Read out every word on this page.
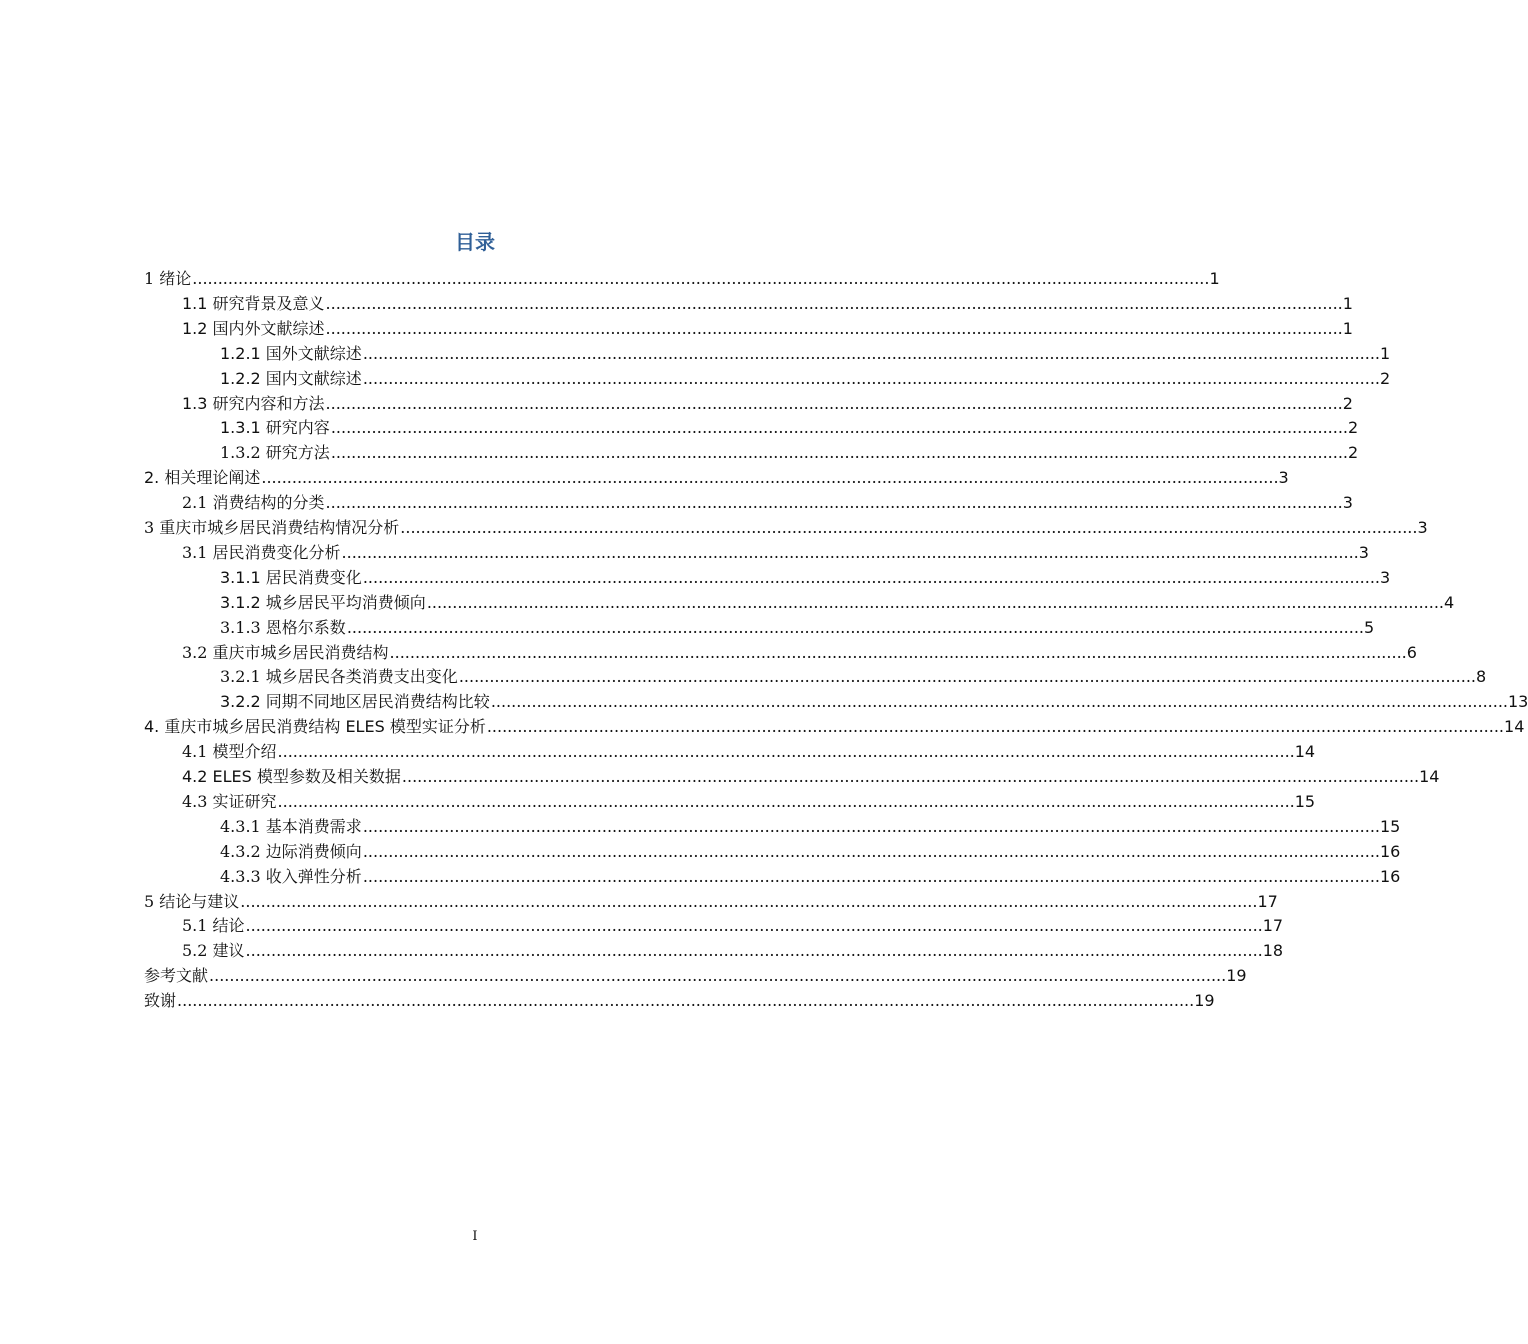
目录
1 绪论 ........................................................................................................................................................................................................ 1
1.1 研究背景及意义 ........................................................................................................................................................................................................ 1
1.2 国内外文献综述 ........................................................................................................................................................................................................ 1
1.2.1 国外文献综述 ........................................................................................................................................................................................................ 1
1.2.2 国内文献综述 ........................................................................................................................................................................................................ 2
1.3 研究内容和方法 ........................................................................................................................................................................................................ 2
1.3.1 研究内容 ........................................................................................................................................................................................................ 2
1.3.2 研究方法 ........................................................................................................................................................................................................ 2
2. 相关理论阐述 ........................................................................................................................................................................................................ 3
2.1 消费结构的分类 ........................................................................................................................................................................................................ 3
3 重庆市城乡居民消费结构情况分析 ........................................................................................................................................................................................................ 3
3.1 居民消费变化分析 ........................................................................................................................................................................................................ 3
3.1.1 居民消费变化 ........................................................................................................................................................................................................ 3
3.1.2 城乡居民平均消费倾向 ........................................................................................................................................................................................................ 4
3.1.3 恩格尔系数 ........................................................................................................................................................................................................ 5
3.2 重庆市城乡居民消费结构 ........................................................................................................................................................................................................ 6
3.2.1 城乡居民各类消费支出变化 ........................................................................................................................................................................................................ 8
3.2.2 同期不同地区居民消费结构比较 ........................................................................................................................................................................................................ 13
4. 重庆市城乡居民消费结构 ELES 模型实证分析 ........................................................................................................................................................................................................ 14
4.1 模型介绍 ........................................................................................................................................................................................................ 14
4.2 ELES 模型参数及相关数据 ........................................................................................................................................................................................................ 14
4.3 实证研究 ........................................................................................................................................................................................................ 15
4.3.1 基本消费需求 ........................................................................................................................................................................................................ 15
4.3.2 边际消费倾向 ........................................................................................................................................................................................................ 16
4.3.3 收入弹性分析 ........................................................................................................................................................................................................ 16
5 结论与建议 ........................................................................................................................................................................................................ 17
5.1 结论 ........................................................................................................................................................................................................ 17
5.2 建议 ........................................................................................................................................................................................................ 18
参考文献 ........................................................................................................................................................................................................ 19
致谢 ........................................................................................................................................................................................................ 19
I
